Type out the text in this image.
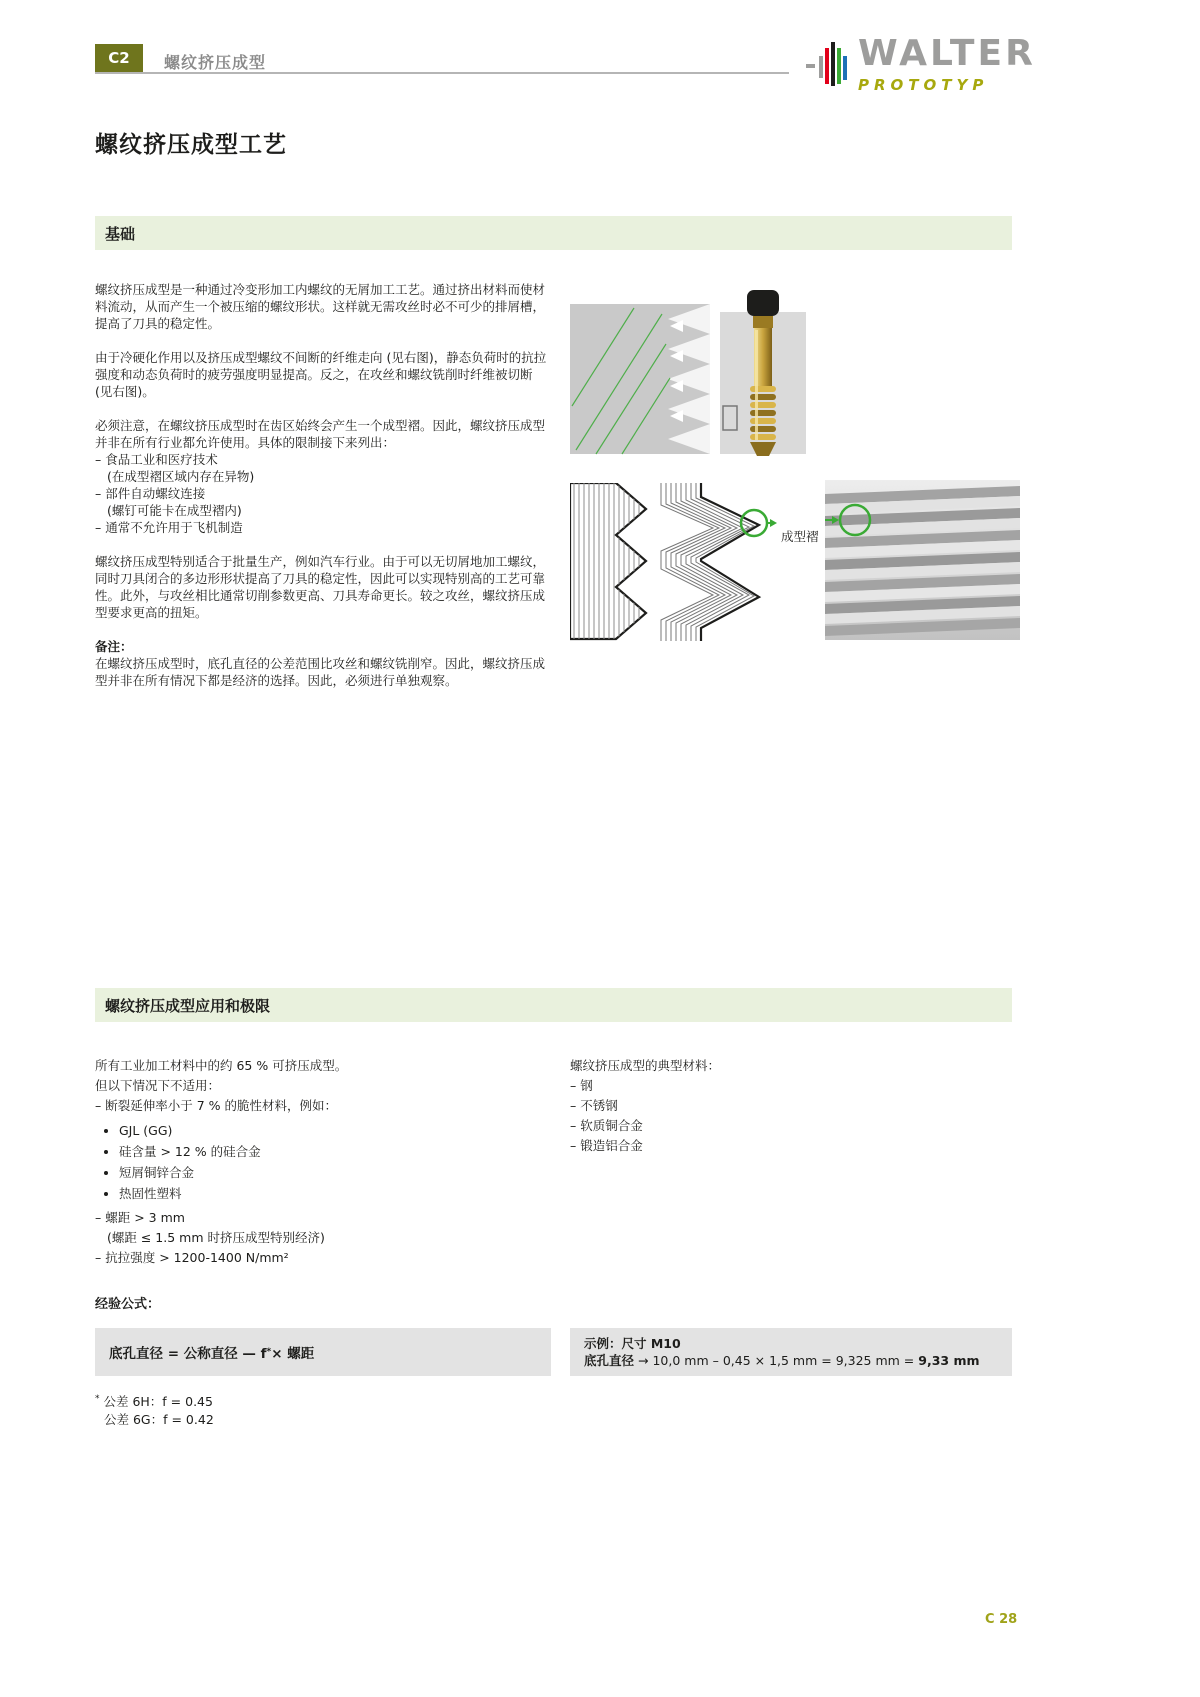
C2	螺纹挤压成型	WALTER
PROTOTYP
螺纹挤压成型工艺
基础

螺纹挤压成型是一种通过冷变形加工内螺纹的无屑加工工艺。通过挤出材料而使材料流动，从而产生一个被压缩的螺纹形状。这样就无需攻丝时必不可少的排屑槽，提高了刀具的稳定性。

由于冷硬化作用以及挤压成型螺纹不间断的纤维走向 (见右图)，静态负荷时的抗拉强度和动态负荷时的疲劳强度明显提高。反之，在攻丝和螺纹铣削时纤维被切断 (见右图)。

必须注意，在螺纹挤压成型时在齿区始终会产生一个成型褶。因此，螺纹挤压成型并非在所有行业都允许使用。具体的限制接下来列出：
– 食品工业和医疗技术
(在成型褶区域内存在异物)
– 部件自动螺纹连接
(螺钉可能卡在成型褶内)
– 通常不允许用于飞机制造

螺纹挤压成型特别适合于批量生产，例如汽车行业。由于可以无切屑地加工螺纹，同时刀具闭合的多边形形状提高了刀具的稳定性，因此可以实现特别高的工艺可靠性。此外，与攻丝相比通常切削参数更高、刀具寿命更长。较之攻丝，螺纹挤压成型要求更高的扭矩。

备注：
在螺纹挤压成型时，底孔直径的公差范围比攻丝和螺纹铣削窄。因此，螺纹挤压成型并非在所有情况下都是经济的选择。因此，必须进行单独观察。
成型褶
螺纹挤压成型应用和极限
所有工业加工材料中的约 65 % 可挤压成型。
但以下情况下不适用：
– 断裂延伸率小于 7 % 的脆性材料，例如：
• GJL (GG)
• 硅含量 > 12 % 的硅合金
• 短屑铜锌合金
• 热固性塑料
– 螺距 > 3 mm
(螺距 ≤ 1.5 mm 时挤压成型特别经济)
– 抗拉强度 > 1200-1400 N/mm²
螺纹挤压成型的典型材料：
– 钢
– 不锈钢
– 软质铜合金
– 锻造铝合金
经验公式：
底孔直径 = 公称直径 — f * × 螺距
示例：尺寸 M10
底孔直径 → 10,0 mm – 0,45 × 1,5 mm = 9,325 mm = 9,33 mm
* 公差 6H：f = 0.45
公差 6G：f = 0.42
C 28
